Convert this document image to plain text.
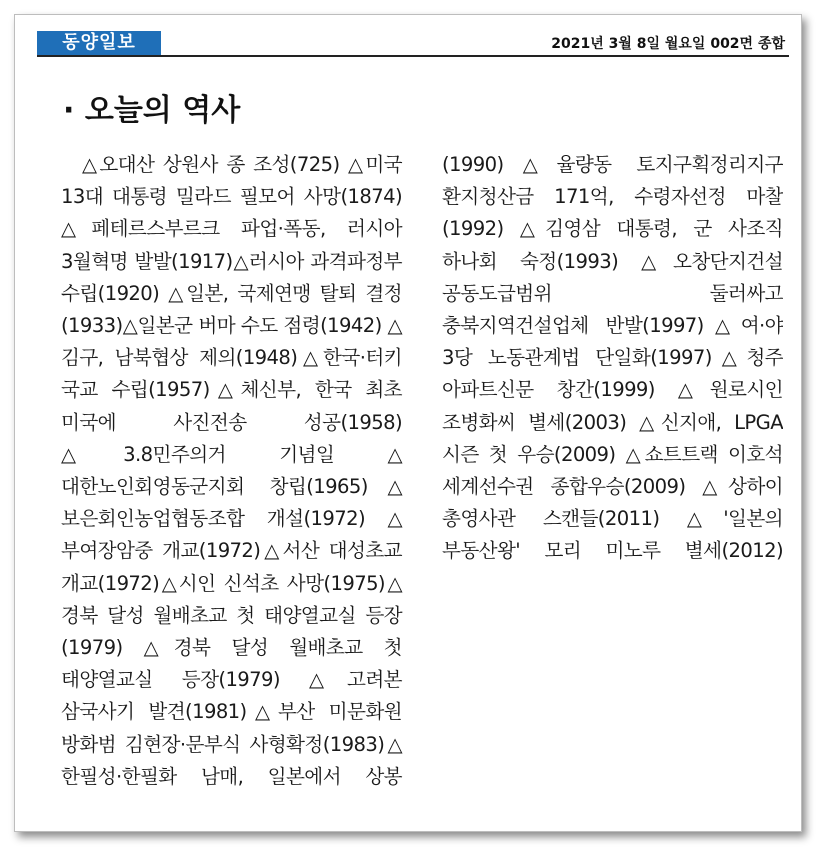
동양일보	2021년 3월 8일 월요일 002면 종합
· 오늘의 역사

△오대산 상원사 종 조성(725) △미국 13대 대통령 밀라드 필모어 사망(1874) △페테르스부르크 파업·폭동, 러시아 3월혁명 발발(1917)△러시아 과격파정부 수립(1920) △일본, 국제연맹 탈퇴 결정(1933)△일본군 버마 수도 점령(1942) △김구, 남북협상 제의(1948)△한국·터키 국교 수립(1957)△체신부, 한국 최초 미국에 사진전송 성공(1958) △3.8민주의거 기념일 △대한노인회영동군지회 창립(1965)△보은회인농업협동조합 개설(1972) △부여장암중 개교(1972)△서산 대성초교 개교(1972)△시인 신석초 사망(1975)△경북 달성 월배초교 첫 태양열교실 등장(1979) △경북 달성 월배초교 첫 태양열교실 등장(1979) △고려본 삼국사기 발견(1981)△부산 미문화원 방화범 김현장·문부식 사형확정(1983)△한필성·한필화 남매, 일본에서 상봉(1990)△율량동 토지구획정리지구 환지청산금 171억, 수령자선정 마찰(1992) △김영삼 대통령, 군 사조직 하나회 숙정(1993) △오창단지건설 공동도급범위 둘러싸고 충북지역건설업체 반발(1997)△여·야 3당 노동관계법 단일화(1997)△청주 아파트신문 창간(1999) △원로시인 조병화씨 별세(2003) △신지애, LPGA 시즌 첫 우승(2009) △쇼트트랙 이호석 세계선수권 종합우승(2009) △상하이 총영사관 스캔들(2011) △'일본의 부동산왕' 모리 미노루 별세(2012)
